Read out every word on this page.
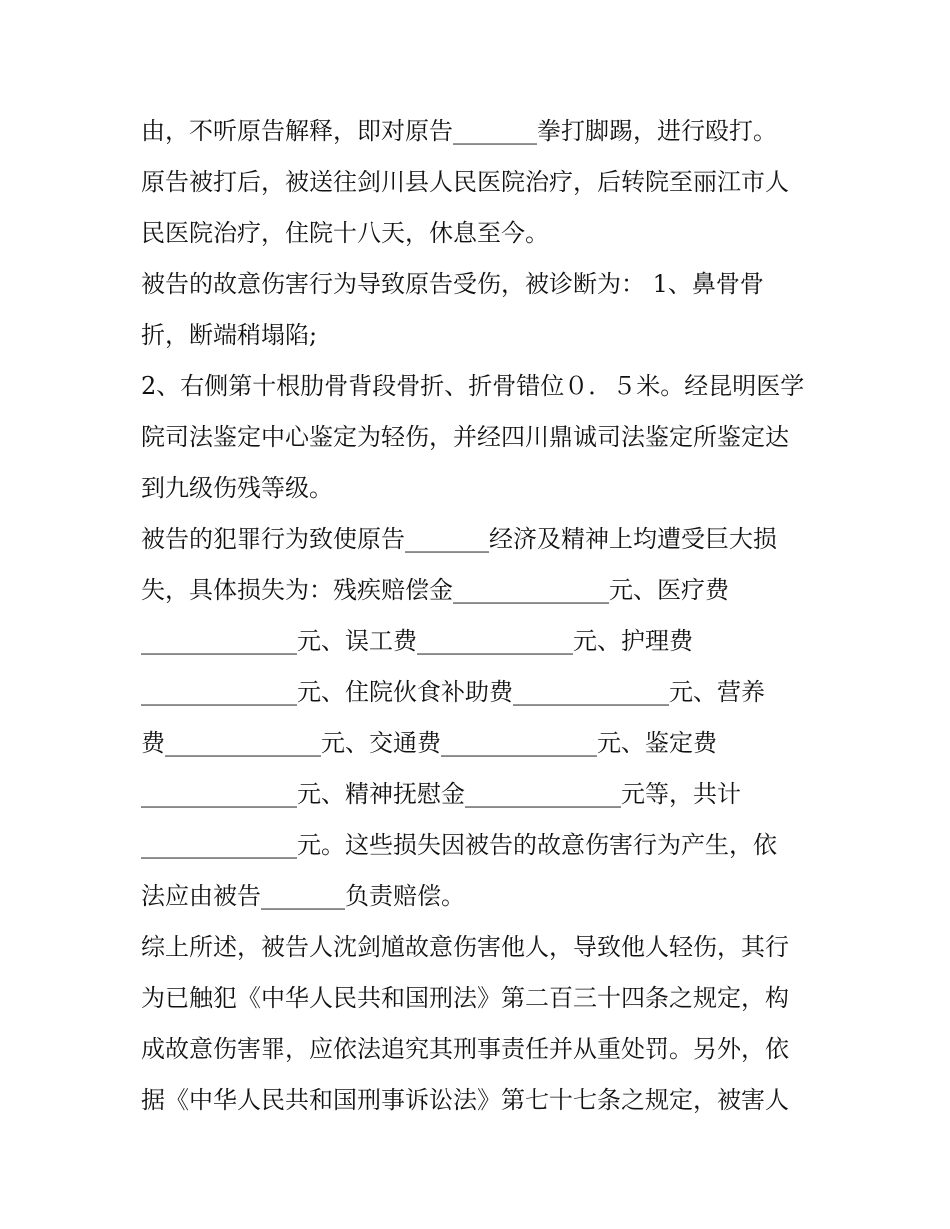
由，不听原告解释，即对原告_______拳打脚踢，进行殴打。
原告被打后，被送往剑川县人民医院治疗，后转院至丽江市人
民医院治疗，住院十八天，休息至今。
被告的故意伤害行为导致原告受伤，被诊断为： 1、鼻骨骨
折，断端稍塌陷;
2、右侧第十根肋骨背段骨折、折骨错位０．５米。经昆明医学
院司法鉴定中心鉴定为轻伤，并经四川鼎诚司法鉴定所鉴定达
到九级伤残等级。
被告的犯罪行为致使原告_______经济及精神上均遭受巨大损
失，具体损失为：残疾赔偿金_____________元、医疗费
_____________元、误工费_____________元、护理费
_____________元、住院伙食补助费_____________元、营养
费_____________元、交通费_____________元、鉴定费
_____________元、精神抚慰金_____________元等，共计
_____________元。这些损失因被告的故意伤害行为产生，依
法应由被告_______负责赔偿。
综上所述，被告人沈剑馗故意伤害他人，导致他人轻伤，其行
为已触犯《中华人民共和国刑法》第二百三十四条之规定，构
成故意伤害罪，应依法追究其刑事责任并从重处罚。另外，依
据《中华人民共和国刑事诉讼法》第七十七条之规定，被害人
